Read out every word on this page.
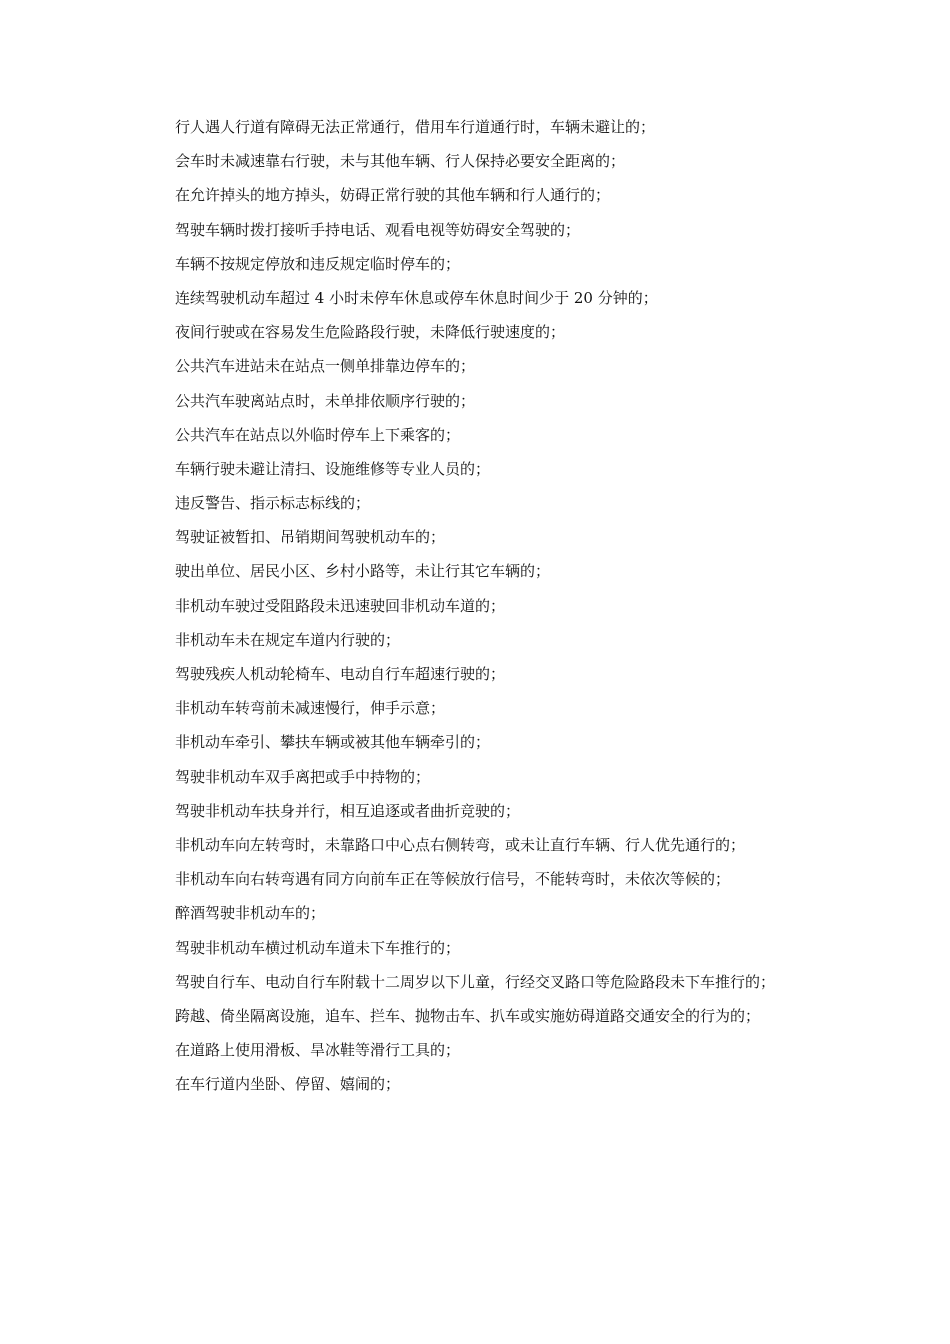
行人遇人行道有障碍无法正常通行，借用车行道通行时，车辆未避让的；

会车时未减速靠右行驶，未与其他车辆、行人保持必要安全距离的；

在允许掉头的地方掉头，妨碍正常行驶的其他车辆和行人通行的；

驾驶车辆时拨打接听手持电话、观看电视等妨碍安全驾驶的；

车辆不按规定停放和违反规定临时停车的；

连续驾驶机动车超过 4 小时未停车休息或停车休息时间少于 20 分钟的；

夜间行驶或在容易发生危险路段行驶，未降低行驶速度的；

公共汽车进站未在站点一侧单排靠边停车的；

公共汽车驶离站点时，未单排依顺序行驶的；

公共汽车在站点以外临时停车上下乘客的；

车辆行驶未避让清扫、设施维修等专业人员的；

违反警告、指示标志标线的；

驾驶证被暂扣、吊销期间驾驶机动车的；

驶出单位、居民小区、乡村小路等，未让行其它车辆的；

非机动车驶过受阻路段未迅速驶回非机动车道的；

非机动车未在规定车道内行驶的；

驾驶残疾人机动轮椅车、电动自行车超速行驶的；

非机动车转弯前未减速慢行，伸手示意；

非机动车牵引、攀扶车辆或被其他车辆牵引的；

驾驶非机动车双手离把或手中持物的；

驾驶非机动车扶身并行，相互追逐或者曲折竞驶的；

非机动车向左转弯时，未靠路口中心点右侧转弯，或未让直行车辆、行人优先通行的；

非机动车向右转弯遇有同方向前车正在等候放行信号，不能转弯时，未依次等候的；

醉酒驾驶非机动车的；

驾驶非机动车横过机动车道未下车推行的；

驾驶自行车、电动自行车附载十二周岁以下儿童，行经交叉路口等危险路段未下车推行的；

跨越、倚坐隔离设施，追车、拦车、抛物击车、扒车或实施妨碍道路交通安全的行为的；

在道路上使用滑板、旱冰鞋等滑行工具的；

在车行道内坐卧、停留、嬉闹的；
